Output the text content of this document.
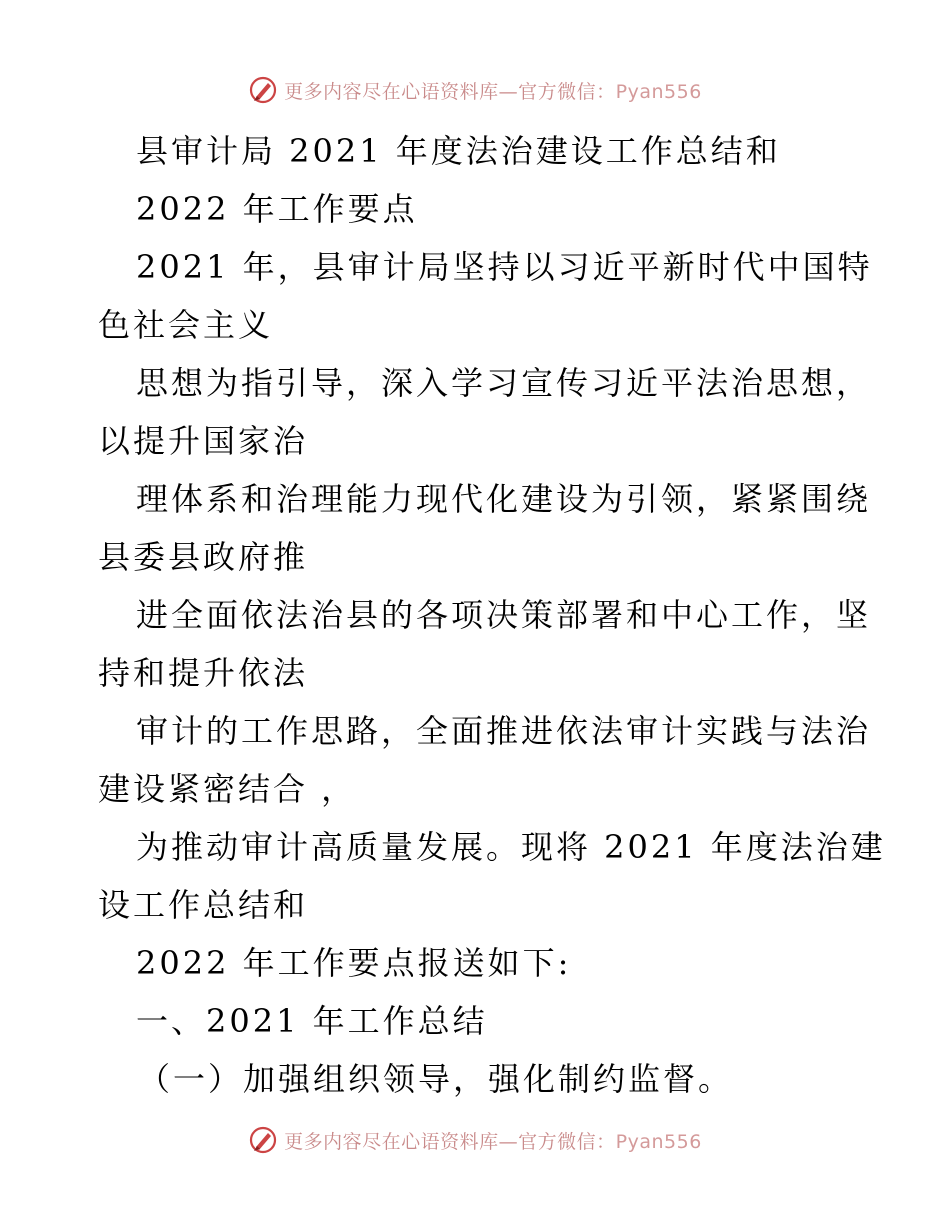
更多内容尽在心语资料库—官方微信：Pyan556
县审计局 2021 年度法治建设工作总结和
2022 年工作要点
2021 年，县审计局坚持以习近平新时代中国特
色社会主义
思想为指引导，深入学习宣传习近平法治思想，
以提升国家治
理体系和治理能力现代化建设为引领，紧紧围绕
县委县政府推
进全面依法治县的各项决策部署和中心工作，坚
持和提升依法
审计的工作思路，全面推进依法审计实践与法治
建设紧密结合 ，
为推动审计高质量发展。现将 2021 年度法治建
设工作总结和
2022 年工作要点报送如下:
一、2021 年工作总结
（一）加强组织领导，强化制约监督。
更多内容尽在心语资料库—官方微信：Pyan556
